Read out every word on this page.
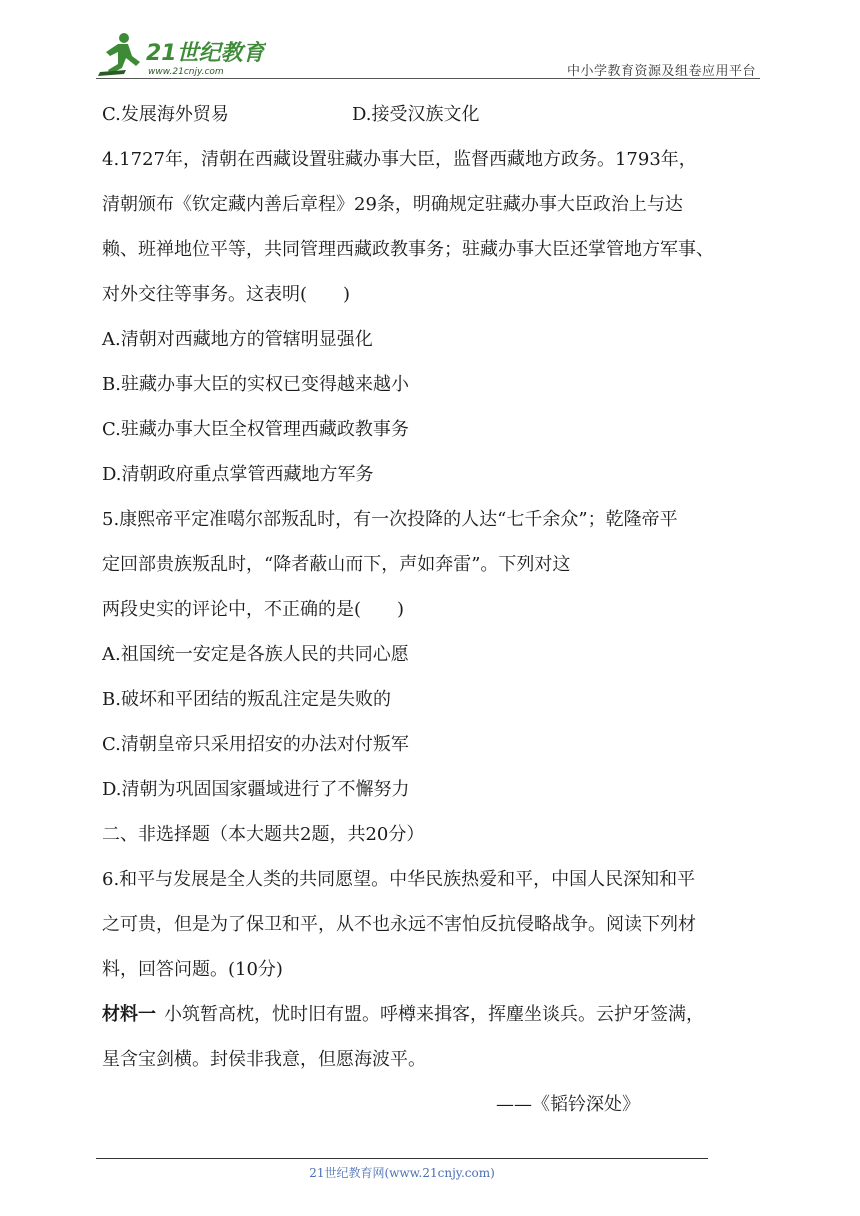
21世纪教育
www.21cnjy.com	中小学教育资源及组卷应用平台
C.发展海外贸易	D.接受汉族文化
4.1727年，清朝在西藏设置驻藏办事大臣，监督西藏地方政务。1793年，
清朝颁布《钦定藏内善后章程》29条，明确规定驻藏办事大臣政治上与达
赖、班禅地位平等，共同管理西藏政教事务；驻藏办事大臣还掌管地方军事、
对外交往等事务。这表明(　　)
A.清朝对西藏地方的管辖明显强化
B.驻藏办事大臣的实权已变得越来越小
C.驻藏办事大臣全权管理西藏政教事务
D.清朝政府重点掌管西藏地方军务
5.康熙帝平定准噶尔部叛乱时，有一次投降的人达“七千余众”；乾隆帝平
定回部贵族叛乱时，“降者蔽山而下，声如奔雷”。下列对这
两段史实的评论中，不正确的是(　　)
A.祖国统一安定是各族人民的共同心愿
B.破坏和平团结的叛乱注定是失败的
C.清朝皇帝只采用招安的办法对付叛军
D.清朝为巩固国家疆域进行了不懈努力
二、非选择题（本大题共2题，共20分）
6.和平与发展是全人类的共同愿望。中华民族热爱和平，中国人民深知和平
之可贵，但是为了保卫和平，从不也永远不害怕反抗侵略战争。阅读下列材
料，回答问题。(10分)
材料一 小筑暂高枕，忧时旧有盟。呼樽来揖客，挥麈坐谈兵。云护牙签满，
星含宝剑横。封侯非我意，但愿海波平。
——《韬钤深处》
21世纪教育网(www.21cnjy.com)
